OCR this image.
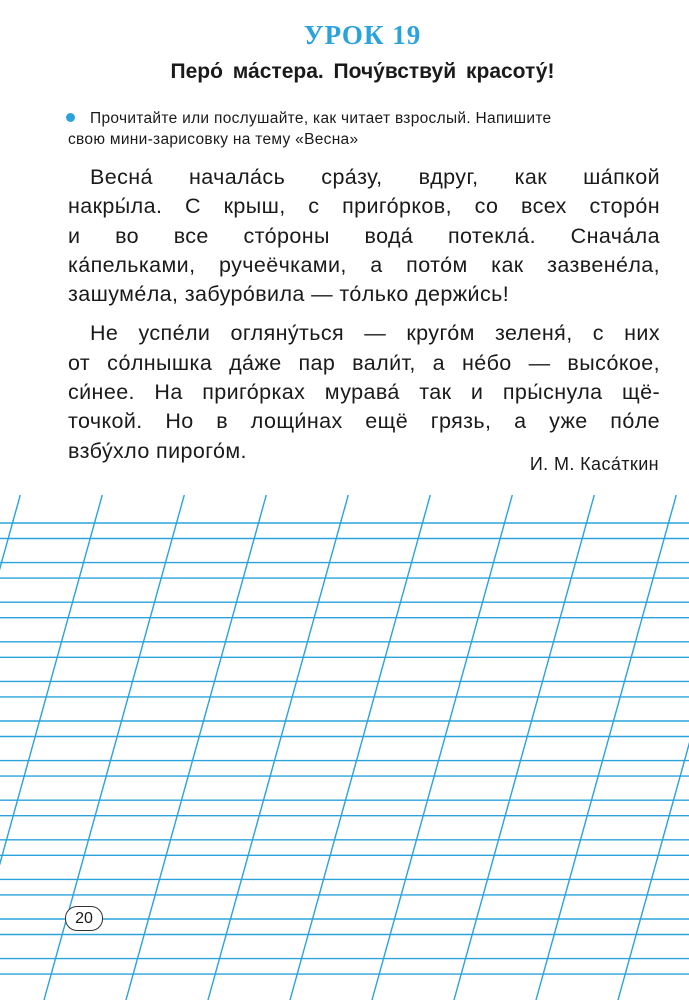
УРОК 19
Перо́ ма́стера. Почу́вствуй красоту́!
Прочитайте или послушайте, как читает взрослый. Напишите
свою мини-зарисовку на тему «Весна»
Весна́ начала́сь сра́зу, вдруг, как ша́пкой
накры́ла. С крыш, с приго́рков, со всех сторо́н
и во все сто́роны вода́ потекла́. Снача́ла
ка́пельками, ручеёчками, а пото́м как зазвене́ла,
зашуме́ла, забуро́вила — то́лько держи́сь!
Не успе́ли огляну́ться — круго́м зеленя́, с них
от со́лнышка да́же пар вали́т, а не́бо — высо́кое,
си́нее. На приго́рках мурава́ так и пры́снула щё-
точкой. Но в лощи́нах ещё грязь, а уже по́ле
взбу́хло пирого́м.
И. М. Каса́ткин
20
